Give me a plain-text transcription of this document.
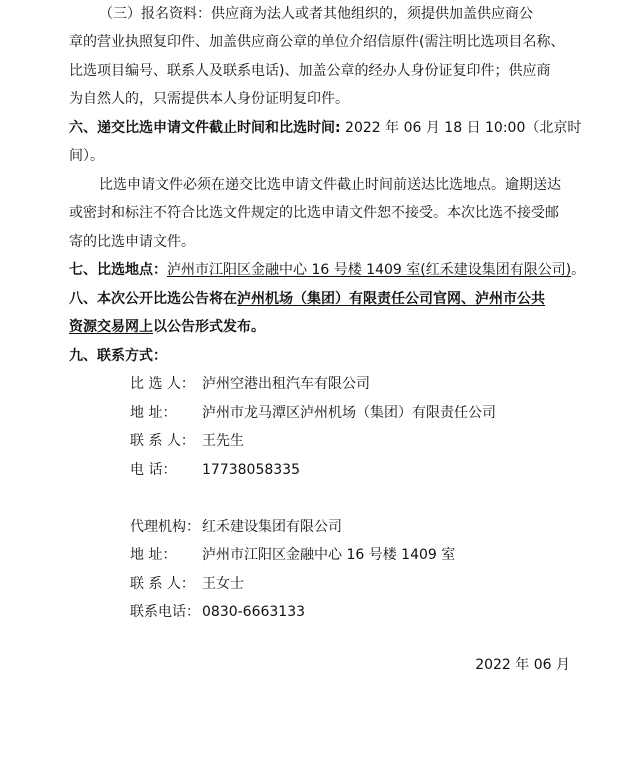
（三）报名资料：供应商为法人或者其他组织的，须提供加盖供应商公
章的营业执照复印件、加盖供应商公章的单位介绍信原件(需注明比选项目名称、
比选项目编号、联系人及联系电话)、加盖公章的经办人身份证复印件；供应商
为自然人的，只需提供本人身份证明复印件。
六、递交比选申请文件截止时间和比选时间: 2022 年 06 月 18 日 10:00（北京时
间）。
比选申请文件必须在递交比选申请文件截止时间前送达比选地点。逾期送达
或密封和标注不符合比选文件规定的比选申请文件恕不接受。本次比选不接受邮
寄的比选申请文件。
七、比选地点：泸州市江阳区金融中心 16 号楼 1409 室(红禾建设集团有限公司)。
八、本次公开比选公告将在泸州机场（集团）有限责任公司官网、泸州市公共
资源交易网上以公告形式发布。
九、联系方式：
比 选 人： 泸州空港出租汽车有限公司
地 址： 泸州市龙马潭区泸州机场（集团）有限责任公司
联 系 人： 王先生
电 话： 17738058335
代理机构： 红禾建设集团有限公司
地 址： 泸州市江阳区金融中心 16 号楼 1409 室
联 系 人： 王女士
联系电话： 0830-6663133
2022 年 06 月
